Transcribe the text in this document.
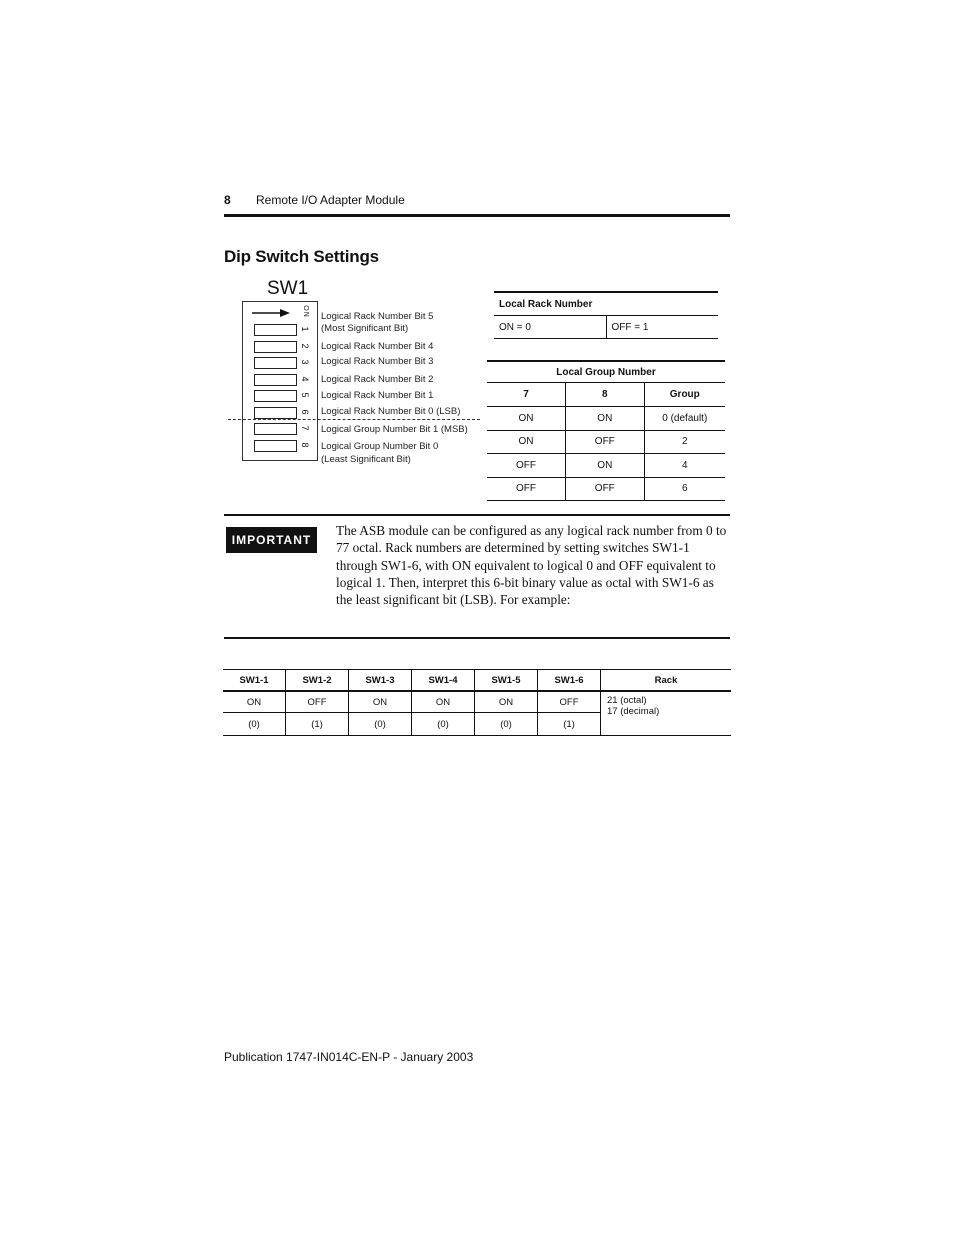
8 Remote I/O Adapter Module
Dip Switch Settings
SW1
ON
1
2
3
4
5
6
7
8
Logical Rack Number Bit 5
(Most Significant Bit)
Logical Rack Number Bit 4
Logical Rack Number Bit 3
Logical Rack Number Bit 2
Logical Rack Number Bit 1
Logical Rack Number Bit 0 (LSB)
Logical Group Number Bit 1 (MSB)
Logical Group Number Bit 0
(Least Significant Bit)
Local Rack Number
ON = 0	OFF = 1
Local Group Number		
7	8	Group
ON	ON	0 (default)
ON	OFF	2
OFF	ON	4
OFF	OFF	6
IMPORTANT
The ASB module can be configured as any logical rack number from 0 to 77 octal. Rack numbers are determined by setting switches SW1-1 through SW1-6, with ON equivalent to logical 0 and OFF equivalent to logical 1. Then, interpret this 6-bit binary value as octal with SW1-6 as the least significant bit (LSB). For example:
SW1-1	SW1-2	SW1-3	SW1-4	SW1-5	SW1-6	Rack
ON	OFF	ON	ON	ON	OFF	21 (octal)
17 (decimal)

(0)	(1)	(0)	(0)	(0)	(1)	
Publication 1747-IN014C-EN-P - January 2003
